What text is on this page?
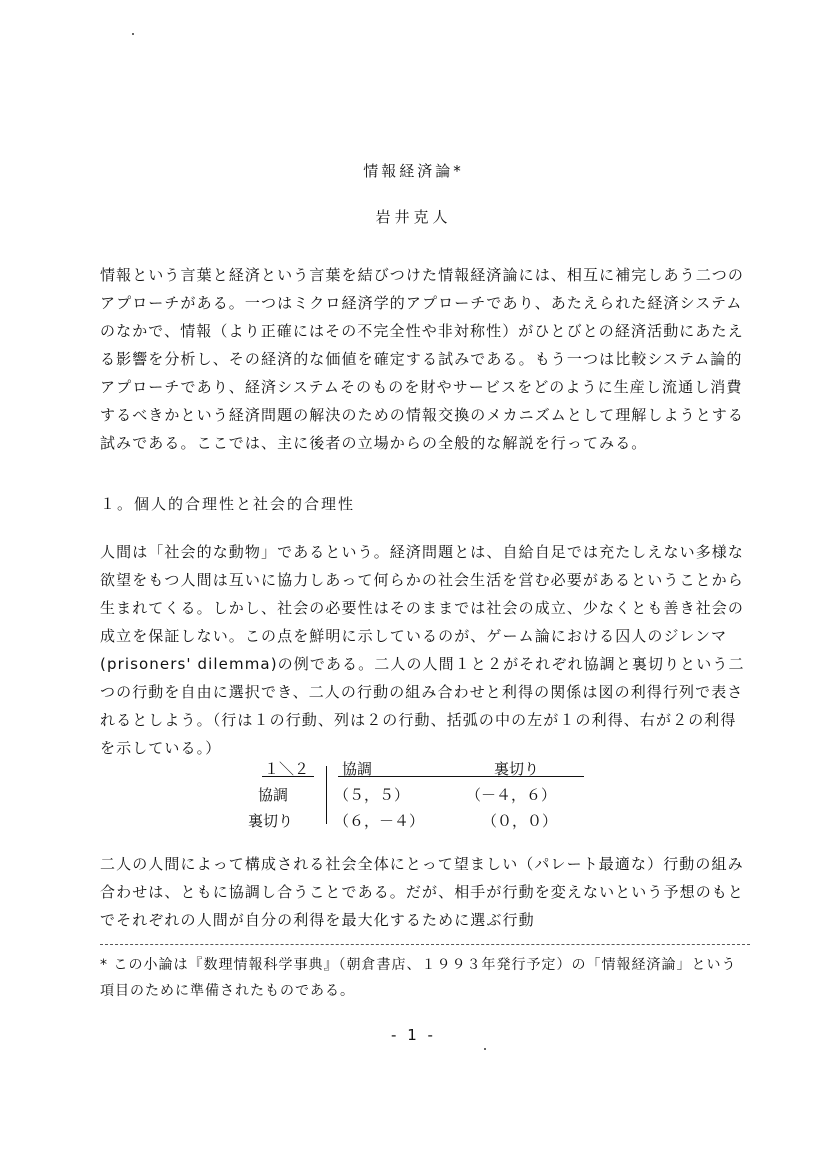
情報経済論*
岩井克人

情報という言葉と経済という言葉を結びつけた情報経済論には、相互に補完しあう二つのアプローチがある。一つはミクロ経済学的アプローチであり、あたえられた経済システムのなかで、情報（より正確にはその不完全性や非対称性）がひとびとの経済活動にあたえる影響を分析し、その経済的な価値を確定する試みである。もう一つは比較システム論的アプローチであり、経済システムそのものを財やサービスをどのように生産し流通し消費するべきかという経済問題の解決のための情報交換のメカニズムとして理解しようとする試みである。ここでは、主に後者の立場からの全般的な解説を行ってみる。

１。個人的合理性と社会的合理性

人間は「社会的な動物」であるという。経済問題とは、自給自足では充たしえない多様な欲望をもつ人間は互いに協力しあって何らかの社会生活を営む必要があるということから生まれてくる。しかし、社会の必要性はそのままでは社会の成立、少なくとも善き社会の成立を保証しない。この点を鮮明に示しているのが、ゲーム論における囚人のジレンマ(prisoners' dilemma)の例である。二人の人間１と２がそれぞれ協調と裏切りという二つの行動を自由に選択でき、二人の行動の組み合わせと利得の関係は図の利得行列で表されるとしよう。（行は１の行動、列は２の行動、括弧の中の左が１の利得、右が２の利得を示している。）

１＼２ 協調	裏切り
協調	（５，５）	（－４，６）
裏切り	（６，－４）	（０，０）

二人の人間によって構成される社会全体にとって望ましい（パレート最適な）行動の組み合わせは、ともに協調し合うことである。だが、相手が行動を変えないという予想のもとでそれぞれの人間が自分の利得を最大化するために選ぶ行動

* この小論は『数理情報科学事典』（朝倉書店、１９９３年発行予定）の「情報経済論」という項目のために準備されたものである。

- 1 -
